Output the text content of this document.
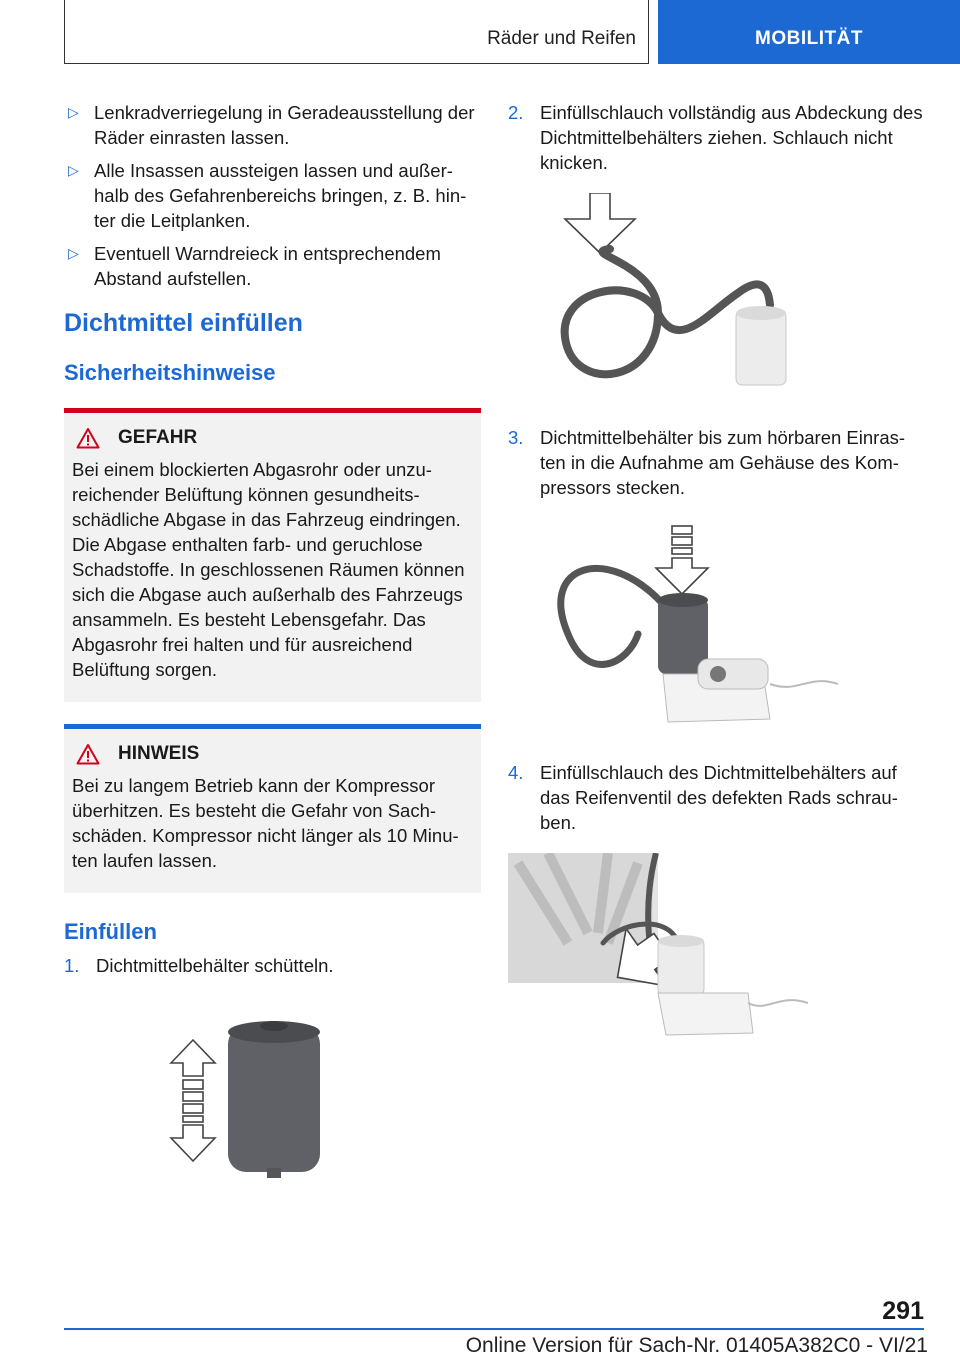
Räder und Reifen	MOBILITÄT
▷ Lenkradverriegelung in Geradeausstellung der Räder einrasten lassen.
▷ Alle Insassen aussteigen lassen und außerhalb des Gefahrenbereichs bringen, z. B. hinter die Leitplanken.
▷ Eventuell Warndreieck in entsprechendem Abstand aufstellen.
Dichtmittel einfüllen
Sicherheitshinweise
GEFAHR

Bei einem blockierten Abgasrohr oder unzureichender Belüftung können gesundheitsschädliche Abgase in das Fahrzeug eindringen. Die Abgase enthalten farb- und geruchlose Schadstoffe. In geschlossenen Räumen können sich die Abgase auch außerhalb des Fahrzeugs ansammeln. Es besteht Lebensgefahr. Das Abgasrohr frei halten und für ausreichend Belüftung sorgen.

HINWEIS

Bei zu langem Betrieb kann der Kompressor überhitzen. Es besteht die Gefahr von Sachschäden. Kompressor nicht länger als 10 Minuten laufen lassen.

Einfüllen
1. Dichtmittelbehälter schütteln.
2. Einfüllschlauch vollständig aus Abdeckung des Dichtmittelbehälters ziehen. Schlauch nicht knicken.
3. Dichtmittelbehälter bis zum hörbaren Einrasten in die Aufnahme am Gehäuse des Kompressors stecken.
4. Einfüllschlauch des Dichtmittelbehälters auf das Reifenventil des defekten Rads schrauben.
291
Online Version für Sach-Nr. 01405A382C0 - VI/21
